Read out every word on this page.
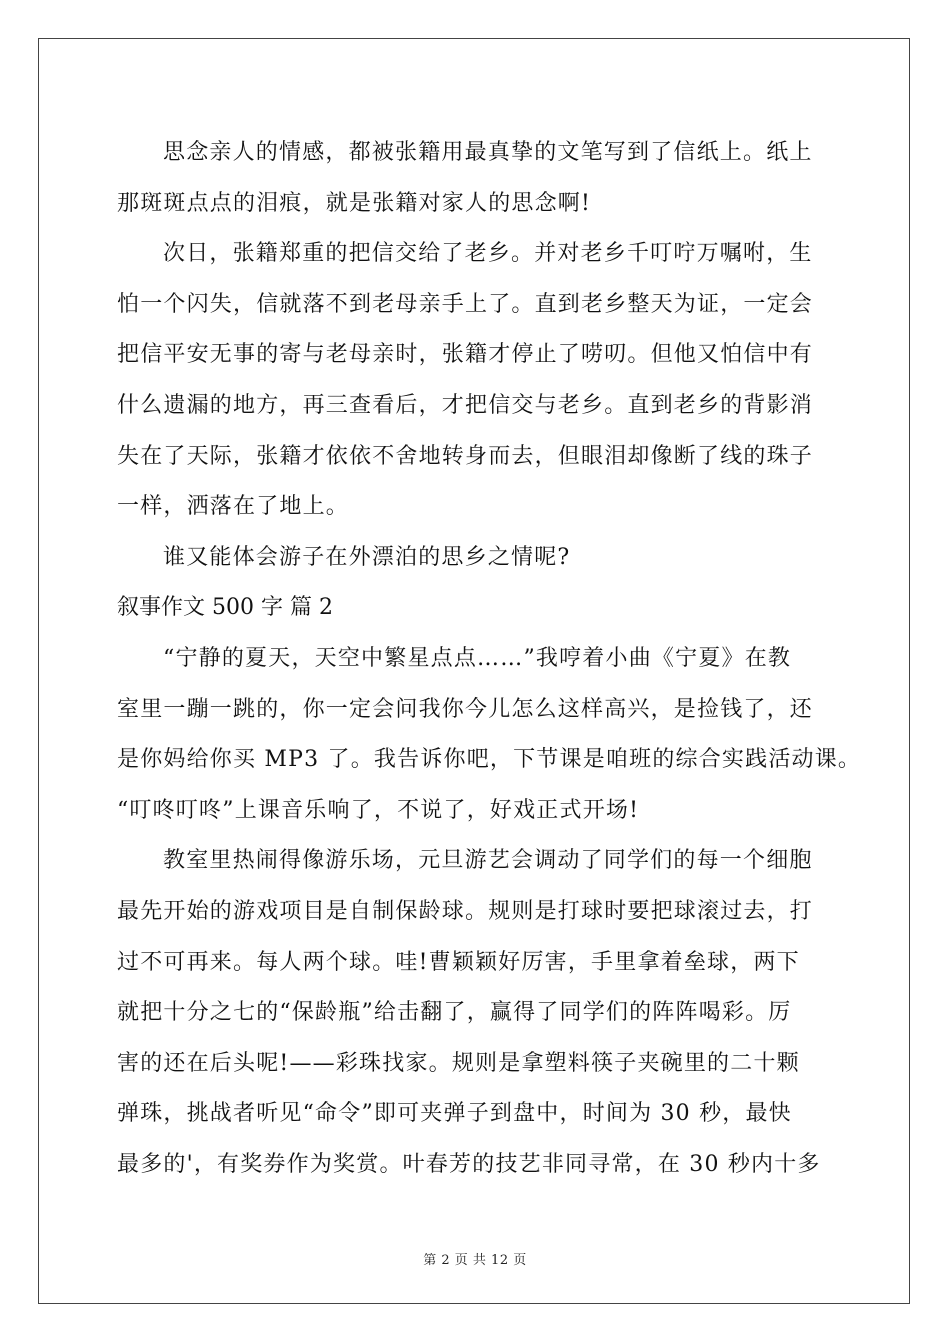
思念亲人的情感，都被张籍用最真挚的文笔写到了信纸上。纸上
那斑斑点点的泪痕，就是张籍对家人的思念啊!
次日，张籍郑重的把信交给了老乡。并对老乡千叮咛万嘱咐，生
怕一个闪失，信就落不到老母亲手上了。直到老乡整天为证，一定会
把信平安无事的寄与老母亲时，张籍才停止了唠叨。但他又怕信中有
什么遗漏的地方，再三查看后，才把信交与老乡。直到老乡的背影消
失在了天际，张籍才依依不舍地转身而去，但眼泪却像断了线的珠子
一样，洒落在了地上。
谁又能体会游子在外漂泊的思乡之情呢?
叙事作文 500 字 篇 2
“宁静的夏天，天空中繁星点点……”我哼着小曲《宁夏》在教
室里一蹦一跳的，你一定会问我你今儿怎么这样高兴，是捡钱了，还
是你妈给你买 MP3 了。我告诉你吧，下节课是咱班的综合实践活动课。
“叮咚叮咚”上课音乐响了，不说了，好戏正式开场!
教室里热闹得像游乐场，元旦游艺会调动了同学们的每一个细胞
最先开始的游戏项目是自制保龄球。规则是打球时要把球滚过去，打
过不可再来。每人两个球。哇!曹颖颖好厉害，手里拿着垒球，两下
就把十分之七的“保龄瓶”给击翻了，赢得了同学们的阵阵喝彩。厉
害的还在后头呢!——彩珠找家。规则是拿塑料筷子夹碗里的二十颗
弹珠，挑战者听见“命令”即可夹弹子到盘中，时间为 30 秒，最快
最多的'，有奖券作为奖赏。叶春芳的技艺非同寻常，在 30 秒内十多
第 2 页 共 12 页
